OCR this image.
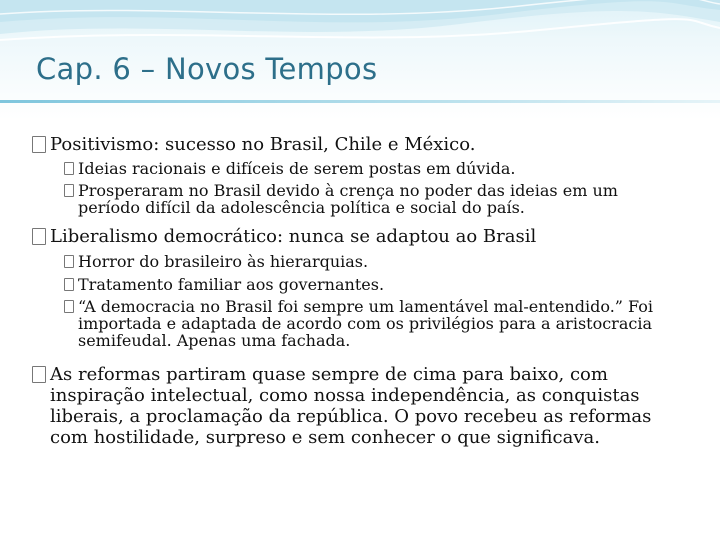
Cap. 6 – Novos Tempos
Positivismo: sucesso no Brasil, Chile e México.
Ideias racionais e difíceis de serem postas em dúvida.
Prosperaram no Brasil devido à crença no poder das ideias em um período difícil da adolescência política e social do país.
Liberalismo democrático: nunca se adaptou ao Brasil
Horror do brasileiro às hierarquias.
Tratamento familiar aos governantes.
“A democracia no Brasil foi sempre um lamentável mal-entendido.” Foi importada e adaptada de acordo com os privilégios para a aristocracia semifeudal. Apenas uma fachada.
As reformas partiram quase sempre de cima para baixo, com inspiração intelectual, como nossa independência, as conquistas liberais, a proclamação da república. O povo recebeu as reformas com hostilidade, surpreso e sem conhecer o que significava.
